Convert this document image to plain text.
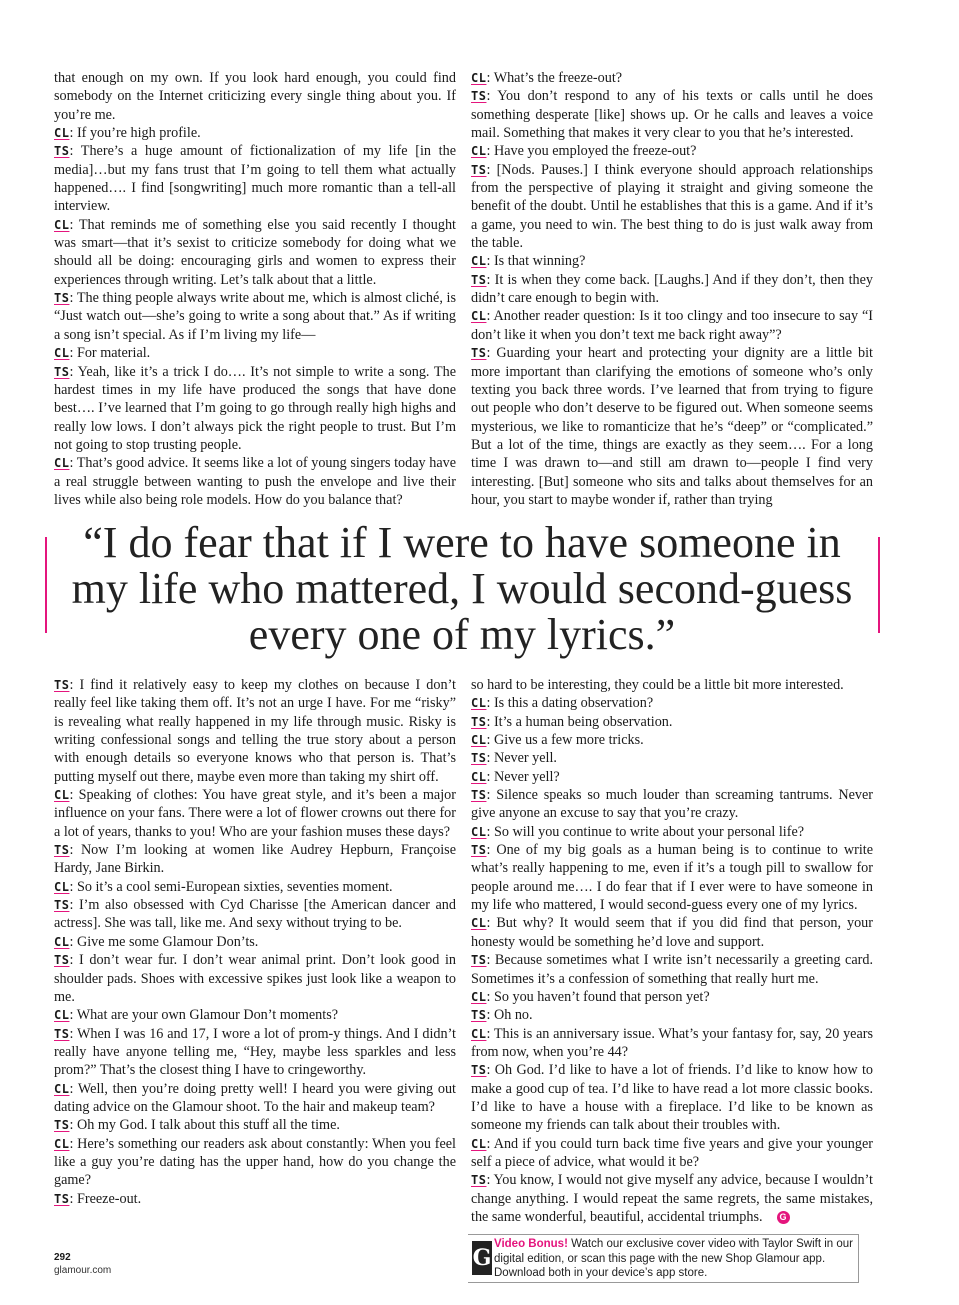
that enough on my own. If you look hard enough, you could find somebody on the Internet criticizing every single thing about you. If you’re me.

CL: If you’re high profile.

TS: There’s a huge amount of fictionalization of my life [in the media]…but my fans trust that I’m going to tell them what actually happened…. I find [songwriting] much more romantic than a tell-all interview.

CL: That reminds me of something else you said recently I thought was smart—that it’s sexist to criticize somebody for doing what we should all be doing: encouraging girls and women to express their experiences through writing. Let’s talk about that a little.

TS: The thing people always write about me, which is almost cliché, is “Just watch out—she’s going to write a song about that.” As if writing a song isn’t special. As if I’m living my life—

CL: For material.

TS: Yeah, like it’s a trick I do…. It’s not simple to write a song. The hardest times in my life have produced the songs that have done best…. I’ve learned that I’m going to go through really high highs and really low lows. I don’t always pick the right people to trust. But I’m not going to stop trusting people.

CL: That’s good advice. It seems like a lot of young singers today have a real struggle between wanting to push the envelope and live their lives while also being role models. How do you balance that?

CL: What’s the freeze-out?

TS: You don’t respond to any of his texts or calls until he does something desperate [like] shows up. Or he calls and leaves a voice mail. Something that makes it very clear to you that he’s interested.

CL: Have you employed the freeze-out?

TS: [Nods. Pauses.] I think everyone should approach relationships from the perspective of playing it straight and giving someone the benefit of the doubt. Until he establishes that this is a game. And if it’s a game, you need to win. The best thing to do is just walk away from the table.

CL: Is that winning?

TS: It is when they come back. [Laughs.] And if they don’t, then they didn’t care enough to begin with.

CL: Another reader question: Is it too clingy and too insecure to say “I don’t like it when you don’t text me back right away”?

TS: Guarding your heart and protecting your dignity are a little bit more important than clarifying the emotions of someone who’s only texting you back three words. I’ve learned that from trying to figure out people who don’t deserve to be figured out. When someone seems mysterious, we like to romanticize that he’s “deep” or “complicated.” But a lot of the time, things are exactly as they seem…. For a long time I was drawn to—and still am drawn to—people I find very interesting. [But] someone who sits and talks about themselves for an hour, you start to maybe wonder if, rather than trying

“I do fear that if I were to have someone in my life who mattered, I would second-guess every one of my lyrics.”

TS: I find it relatively easy to keep my clothes on because I don’t really feel like taking them off. It’s not an urge I have. For me “risky” is revealing what really happened in my life through music. Risky is writing confessional songs and telling the true story about a person with enough details so everyone knows who that person is. That’s putting myself out there, maybe even more than taking my shirt off.

CL: Speaking of clothes: You have great style, and it’s been a major influence on your fans. There were a lot of flower crowns out there for a lot of years, thanks to you! Who are your fashion muses these days?

TS: Now I’m looking at women like Audrey Hepburn, Françoise Hardy, Jane Birkin.

CL: So it’s a cool semi-European sixties, seventies moment.

TS: I’m also obsessed with Cyd Charisse [the American dancer and actress]. She was tall, like me. And sexy without trying to be.

CL: Give me some Glamour Don’ts.

TS: I don’t wear fur. I don’t wear animal print. Don’t look good in shoulder pads. Shoes with excessive spikes just look like a weapon to me.

CL: What are your own Glamour Don’t moments?

TS: When I was 16 and 17, I wore a lot of prom-y things. And I didn’t really have anyone telling me, “Hey, maybe less sparkles and less prom?” That’s the closest thing I have to cringeworthy.

CL: Well, then you’re doing pretty well! I heard you were giving out dating advice on the Glamour shoot. To the hair and makeup team?

TS: Oh my God. I talk about this stuff all the time.

CL: Here’s something our readers ask about constantly: When you feel like a guy you’re dating has the upper hand, how do you change the game?

TS: Freeze-out.

so hard to be interesting, they could be a little bit more interested.

CL: Is this a dating observation?

TS: It’s a human being observation.

CL: Give us a few more tricks.

TS: Never yell.

CL: Never yell?

TS: Silence speaks so much louder than screaming tantrums. Never give anyone an excuse to say that you’re crazy.

CL: So will you continue to write about your personal life?

TS: One of my big goals as a human being is to continue to write what’s really happening to me, even if it’s a tough pill to swallow for people around me…. I do fear that if I ever were to have someone in my life who mattered, I would second-guess every one of my lyrics.

CL: But why? It would seem that if you did find that person, your honesty would be something he’d love and support.

TS: Because sometimes what I write isn’t necessarily a greeting card. Sometimes it’s a confession of something that really hurt me.

CL: So you haven’t found that person yet?

TS: Oh no.

CL: This is an anniversary issue. What’s your fantasy for, say, 20 years from now, when you’re 44?

TS: Oh God. I’d like to have a lot of friends. I’d like to know how to make a good cup of tea. I’d like to have read a lot more classic books. I’d like to have a house with a fireplace. I’d like to be known as someone my friends can talk about their troubles with.

CL: And if you could turn back time five years and give your younger self a piece of advice, what would it be?

TS: You know, I would not give myself any advice, because I wouldn’t change anything. I would repeat the same regrets, the same mistakes, the same wonderful, beautiful, accidental triumphs. G

292
glamour.com	G
Video Bonus! Watch our exclusive cover video with Taylor Swift in our digital edition, or scan this page with the new Shop Glamour app. Download both in your device’s app store.
